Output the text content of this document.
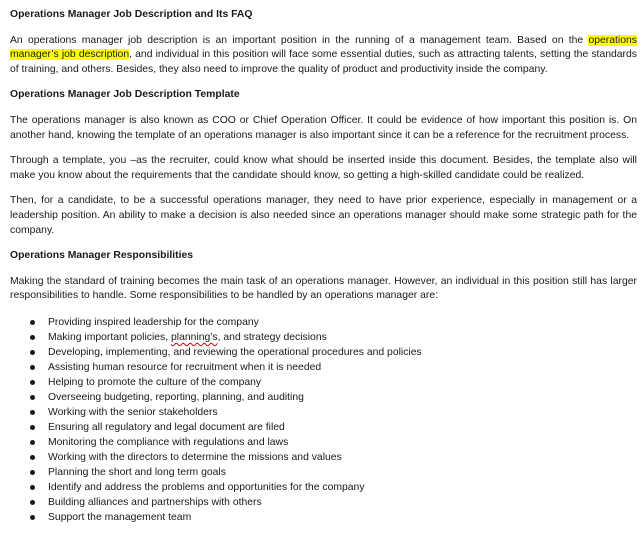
Operations Manager Job Description and Its FAQ

An operations manager job description is an important position in the running of a management team. Based on the operations manager’s job description, and individual in this position will face some essential duties, such as attracting talents, setting the standards of training, and others. Besides, they also need to improve the quality of product and productivity inside the company.

Operations Manager Job Description Template

The operations manager is also known as COO or Chief Operation Officer. It could be evidence of how important this position is. On another hand, knowing the template of an operations manager is also important since it can be a reference for the recruitment process.

Through a template, you –as the recruiter, could know what should be inserted inside this document. Besides, the template also will make you know about the requirements that the candidate should know, so getting a high-skilled candidate could be realized.

Then, for a candidate, to be a successful operations manager, they need to have prior experience, especially in management or a leadership position. An ability to make a decision is also needed since an operations manager should make some strategic path for the company.

Operations Manager Responsibilities

Making the standard of training becomes the main task of an operations manager. However, an individual in this position still has larger responsibilities to handle. Some responsibilities to be handled by an operations manager are:

Providing inspired leadership for the company
Making important policies, planning’s, and strategy decisions
Developing, implementing, and reviewing the operational procedures and policies
Assisting human resource for recruitment when it is needed
Helping to promote the culture of the company
Overseeing budgeting, reporting, planning, and auditing
Working with the senior stakeholders
Ensuring all regulatory and legal document are filed
Monitoring the compliance with regulations and laws
Working with the directors to determine the missions and values
Planning the short and long term goals
Identify and address the problems and opportunities for the company
Building alliances and partnerships with others
Support the management team
